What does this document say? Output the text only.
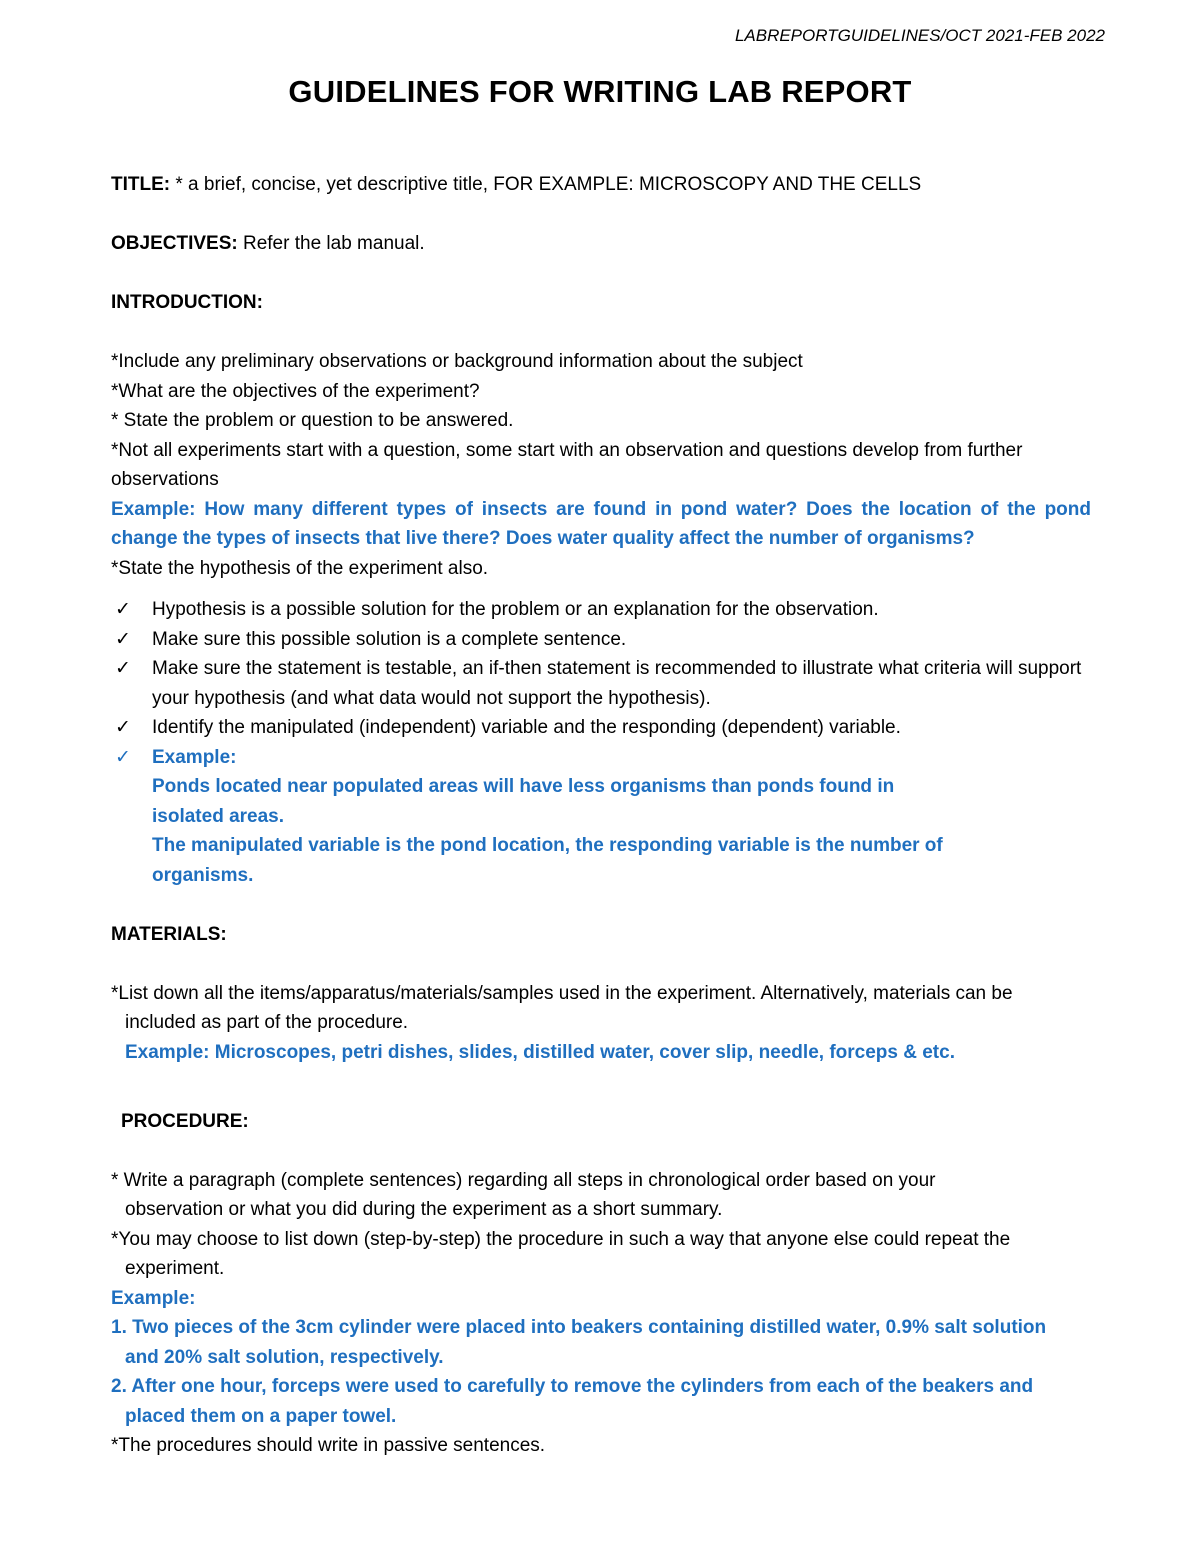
LABREPORTGUIDELINES/OCT 2021-FEB 2022
GUIDELINES FOR WRITING LAB REPORT

TITLE: * a brief, concise, yet descriptive title, FOR EXAMPLE: MICROSCOPY AND THE CELLS

OBJECTIVES: Refer the lab manual.

INTRODUCTION:

*Include any preliminary observations or background information about the subject

*What are the objectives of the experiment?

* State the problem or question to be answered.

*Not all experiments start with a question, some start with an observation and questions develop from further observations

Example: How many different types of insects are found in pond water? Does the location of the pond change the types of insects that live there? Does water quality affect the number of organisms?

*State the hypothesis of the experiment also.

✓ Hypothesis is a possible solution for the problem or an explanation for the observation.
✓ Make sure this possible solution is a complete sentence.
✓ Make sure the statement is testable, an if-then statement is recommended to illustrate what criteria will support your hypothesis (and what data would not support the hypothesis).
✓ Identify the manipulated (independent) variable and the responding (dependent) variable.
✓ Example:
Ponds located near populated areas will have less organisms than ponds found in isolated areas.
The manipulated variable is the pond location, the responding variable is the number of organisms.

MATERIALS:

*List down all the items/apparatus/materials/samples used in the experiment. Alternatively, materials can be included as part of the procedure.

Example: Microscopes, petri dishes, slides, distilled water, cover slip, needle, forceps & etc.

PROCEDURE:

* Write a paragraph (complete sentences) regarding all steps in chronological order based on your observation or what you did during the experiment as a short summary.

*You may choose to list down (step-by-step) the procedure in such a way that anyone else could repeat the experiment.

Example:

1. Two pieces of the 3cm cylinder were placed into beakers containing distilled water, 0.9% salt solution and 20% salt solution, respectively.

2. After one hour, forceps were used to carefully to remove the cylinders from each of the beakers and placed them on a paper towel.

*The procedures should write in passive sentences.
